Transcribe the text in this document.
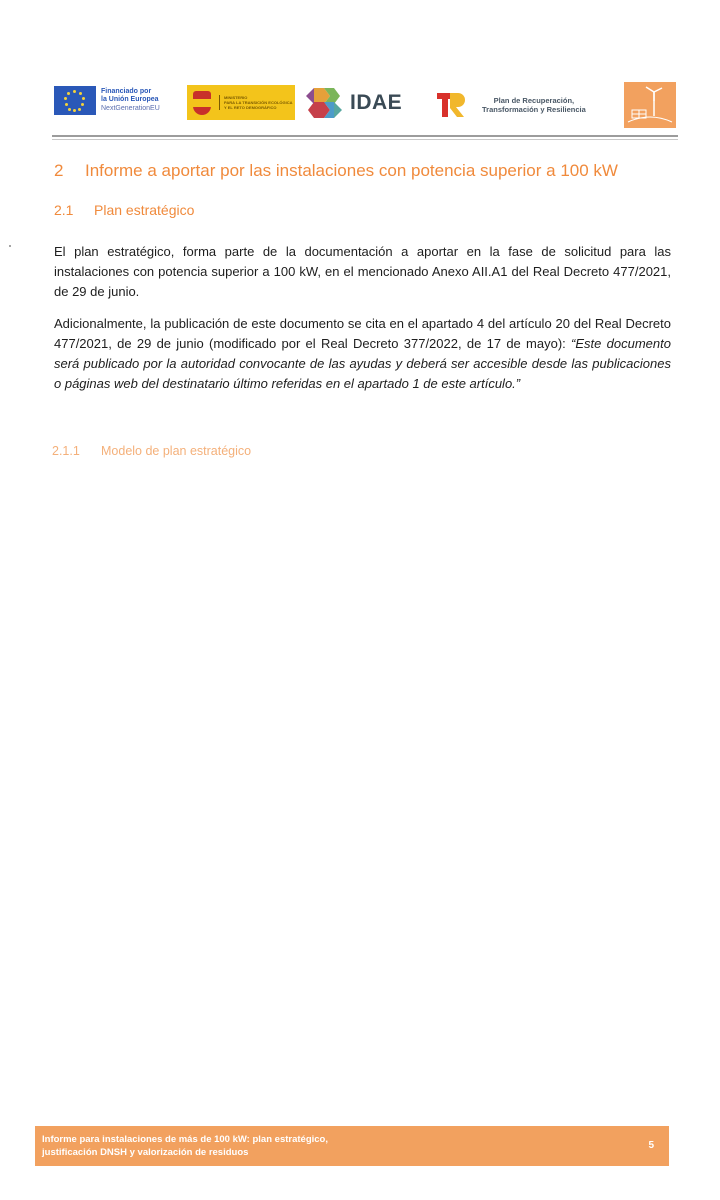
Financiado por
la Unión Europea
NextGenerationEU
MINISTERIO
PARA LA TRANSICIÓN ECOLÓGICA
Y EL RETO DEMOGRÁFICO	IDAE	Plan de Recuperación,
Transformación y Resiliencia
2 Informe a aportar por las instalaciones con potencia superior a 100 kW
2.1 Plan estratégico
El plan estratégico, forma parte de la documentación a aportar en la fase de solicitud para las instalaciones con potencia superior a 100 kW, en el mencionado Anexo AII.A1 del Real Decreto 477/2021, de 29 de junio.
Adicionalmente, la publicación de este documento se cita en el apartado 4 del artículo 20 del Real Decreto 477/2021, de 29 de junio (modificado por el Real Decreto 377/2022, de 17 de mayo): “Este documento será publicado por la autoridad convocante de las ayudas y deberá ser accesible desde las publicaciones o páginas web del destinatario último referidas en el apartado 1 de este artículo.”
2.1.1 Modelo de plan estratégico
Informe para instalaciones de más de 100 kW: plan estratégico,
justificación DNSH y valorización de residuos
5
